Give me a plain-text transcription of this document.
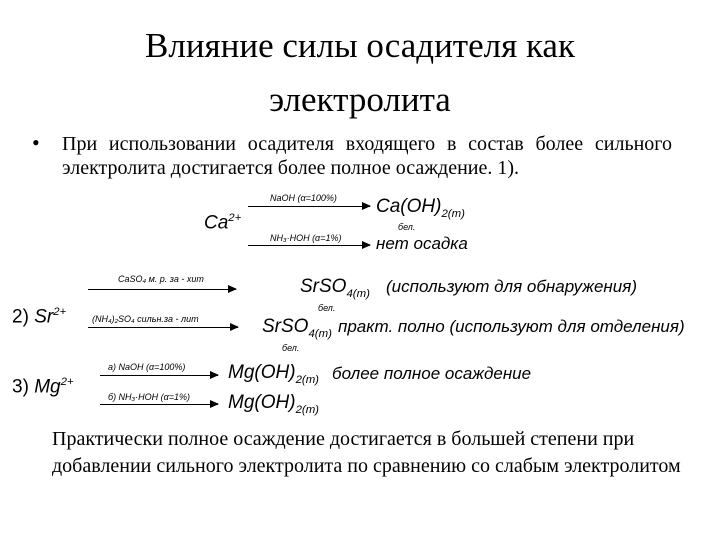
Влияние силы осадителя как
электролита
• При использовании осадителя входящего в состав более сильного электролита достигается более полное осаждение. 1).
$Ca^{2+}$
NaOH (α=100%) $Ca(OH)_{2(т)}$
бел.
NH₃·HOH (α=1%) нет осадка
2) $Sr^{2+}$
CaSO₄ м. р. за - хит	SrSO$_{4(т)}$
бел.
(используют для обнаружения)
(NH₄)₂SO₄ сильн.за - лит	SrSO$_{4(т)}$
бел.
практ. полно (используют для отделения)
3) $Mg^{2+}$
а) NaOH (α=100%) $Mg(OH)_{2(т)}$ более полное осаждение
б) NH₃·HOH (α=1%) $Mg(OH)_{2(т)}$
Практически полное осаждение достигается в большей степени при добавлении сильного электролита по сравнению со слабым электролитом
